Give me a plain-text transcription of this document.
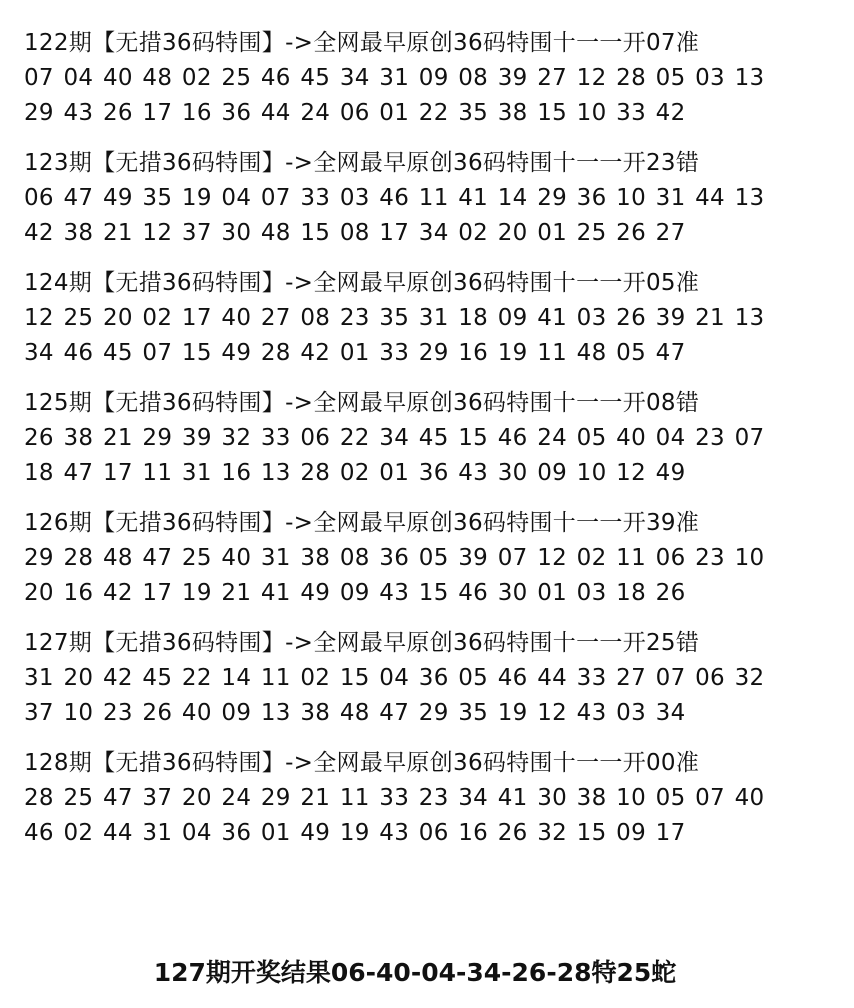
122期【无措36码特围】->全网最早原创36码特围十一一开07准
07 04 40 48 02 25 46 45 34 31 09 08 39 27 12 28 05 03 13
29 43 26 17 16 36 44 24 06 01 22 35 38 15 10 33 42
123期【无措36码特围】->全网最早原创36码特围十一一开23错
06 47 49 35 19 04 07 33 03 46 11 41 14 29 36 10 31 44 13
42 38 21 12 37 30 48 15 08 17 34 02 20 01 25 26 27
124期【无措36码特围】->全网最早原创36码特围十一一开05准
12 25 20 02 17 40 27 08 23 35 31 18 09 41 03 26 39 21 13
34 46 45 07 15 49 28 42 01 33 29 16 19 11 48 05 47
125期【无措36码特围】->全网最早原创36码特围十一一开08错
26 38 21 29 39 32 33 06 22 34 45 15 46 24 05 40 04 23 07
18 47 17 11 31 16 13 28 02 01 36 43 30 09 10 12 49
126期【无措36码特围】->全网最早原创36码特围十一一开39准
29 28 48 47 25 40 31 38 08 36 05 39 07 12 02 11 06 23 10
20 16 42 17 19 21 41 49 09 43 15 46 30 01 03 18 26
127期【无措36码特围】->全网最早原创36码特围十一一开25错
31 20 42 45 22 14 11 02 15 04 36 05 46 44 33 27 07 06 32
37 10 23 26 40 09 13 38 48 47 29 35 19 12 43 03 34
128期【无措36码特围】->全网最早原创36码特围十一一开00准
28 25 47 37 20 24 29 21 11 33 23 34 41 30 38 10 05 07 40
46 02 44 31 04 36 01 49 19 43 06 16 26 32 15 09 17
127期开奖结果06-40-04-34-26-28特25蛇
